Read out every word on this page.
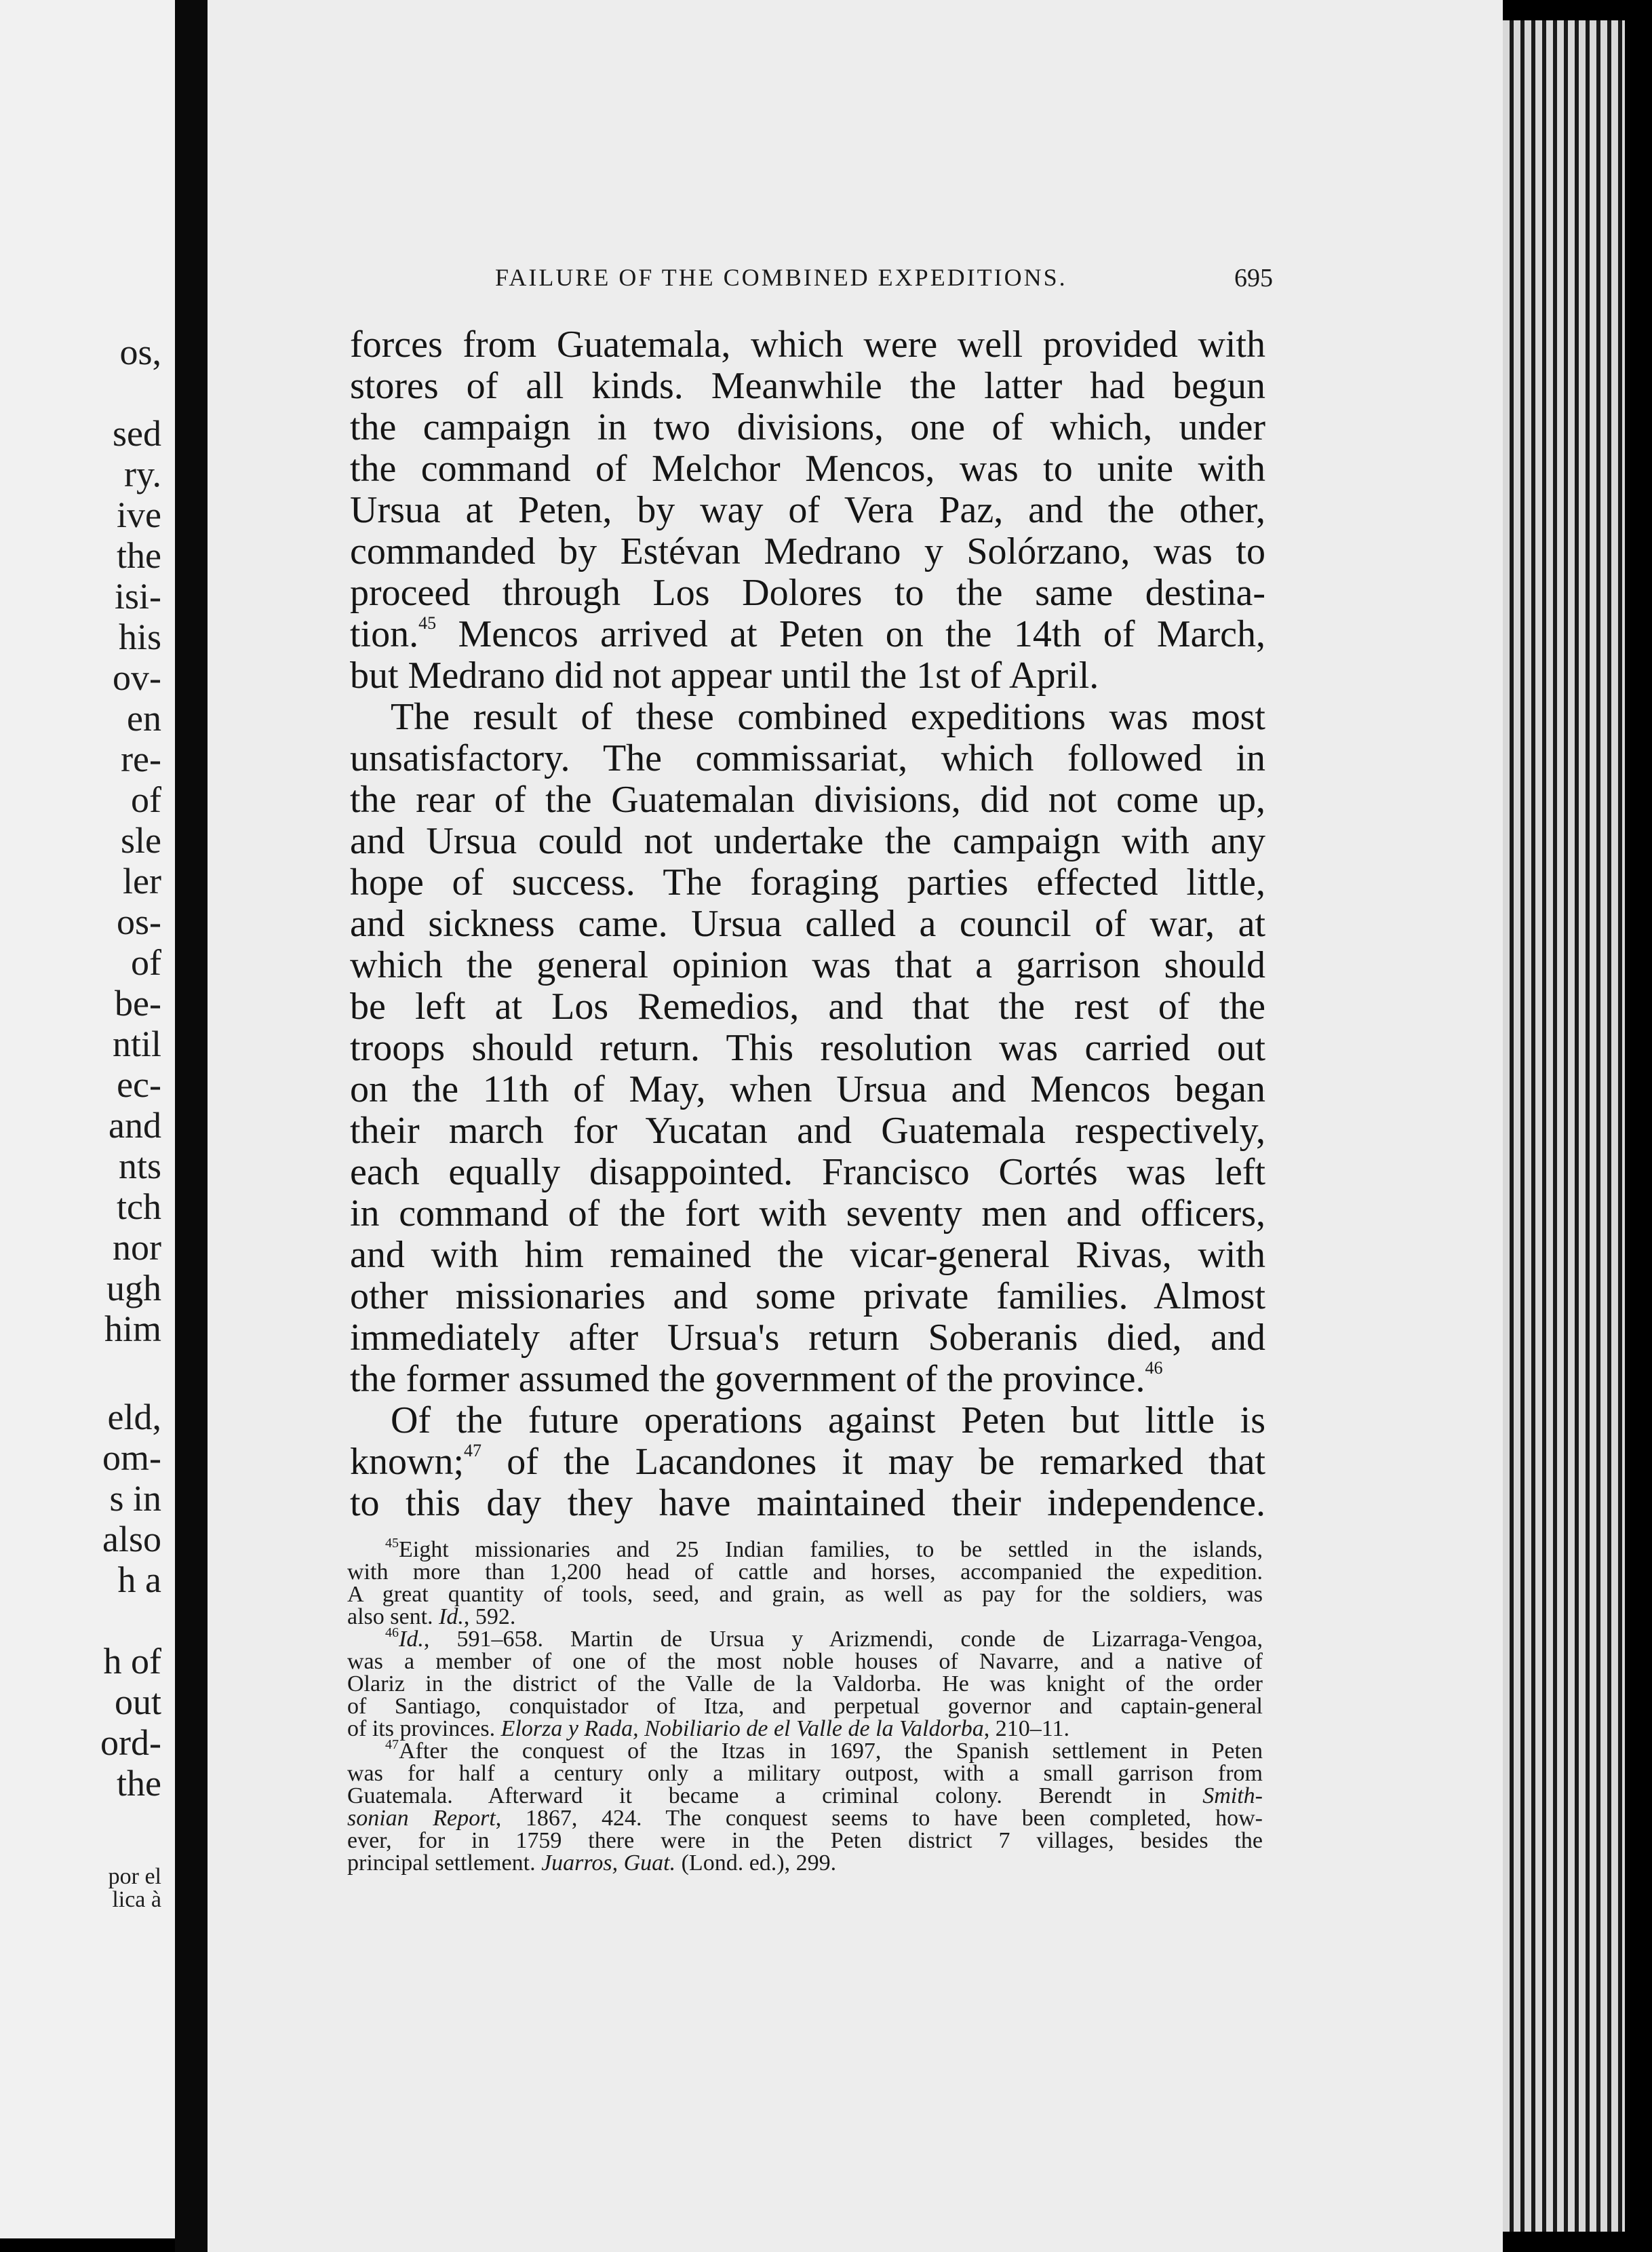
os,
sed
ry.
ive
the
isi-
his
ov-
en
re-
of
sle
ler
os-
of
be-
ntil
ec-
and
nts
tch
nor
ugh
him
eld,
om-
s in
also
h a
h of
out
ord-
the
por el
lica à
FAILURE OF THE COMBINED EXPEDITIONS.	695
forces from Guatemala, which were well provided with
stores of all kinds. Meanwhile the latter had begun
the campaign in two divisions, one of which, under
the command of Melchor Mencos, was to unite with
Ursua at Peten, by way of Vera Paz, and the other,
commanded by Estévan Medrano y Solórzano, was to
proceed through Los Dolores to the same destina-
tion.$^{45}$ Mencos arrived at Peten on the 14th of March,
but Medrano did not appear until the 1st of April.
The result of these combined expeditions was most
unsatisfactory. The commissariat, which followed in
the rear of the Guatemalan divisions, did not come up,
and Ursua could not undertake the campaign with any
hope of success. The foraging parties effected little,
and sickness came. Ursua called a council of war, at
which the general opinion was that a garrison should
be left at Los Remedios, and that the rest of the
troops should return. This resolution was carried out
on the 11th of May, when Ursua and Mencos began
their march for Yucatan and Guatemala respectively,
each equally disappointed. Francisco Cortés was left
in command of the fort with seventy men and officers,
and with him remained the vicar-general Rivas, with
other missionaries and some private families. Almost
immediately after Ursua's return Soberanis died, and
the former assumed the government of the province.$^{46}$
Of the future operations against Peten but little is
known;$^{47}$ of the Lacandones it may be remarked that
to this day they have maintained their independence.
$^{45}$Eight missionaries and 25 Indian families, to be settled in the islands,
with more than 1,200 head of cattle and horses, accompanied the expedition.
A great quantity of tools, seed, and grain, as well as pay for the soldiers, was
also sent. Id., 592.
$^{46}$Id., 591–658. Martin de Ursua y Arizmendi, conde de Lizarraga-Vengoa,
was a member of one of the most noble houses of Navarre, and a native of
Olariz in the district of the Valle de la Valdorba. He was knight of the order
of Santiago, conquistador of Itza, and perpetual governor and captain-general
of its provinces. Elorza y Rada, Nobiliario de el Valle de la Valdorba, 210–11.
$^{47}$After the conquest of the Itzas in 1697, the Spanish settlement in Peten
was for half a century only a military outpost, with a small garrison from
Guatemala. Afterward it became a criminal colony. Berendt in Smith-
sonian Report, 1867, 424. The conquest seems to have been completed, how-
ever, for in 1759 there were in the Peten district 7 villages, besides the
principal settlement. Juarros, Guat. (Lond. ed.), 299.
